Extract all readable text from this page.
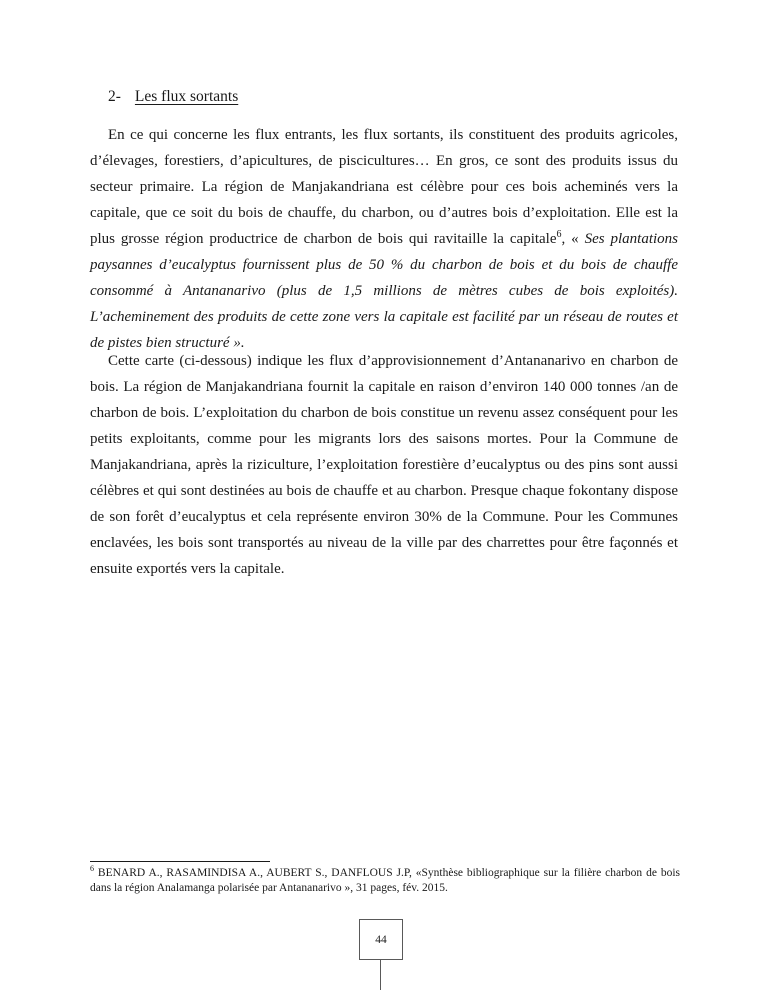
2- Les flux sortants

En ce qui concerne les flux entrants, les flux sortants, ils constituent des produits agricoles, d’élevages, forestiers, d’apicultures, de piscicultures… En gros, ce sont des produits issus du secteur primaire. La région de Manjakandriana est célèbre pour ces bois acheminés vers la capitale, que ce soit du bois de chauffe, du charbon, ou d’autres bois d’exploitation. Elle est la plus grosse région productrice de charbon de bois qui ravitaille la capitale$^6$, « Ses plantations paysannes d’eucalyptus fournissent plus de 50 % du charbon de bois et du bois de chauffe consommé à Antananarivo (plus de 1,5 millions de mètres cubes de bois exploités). L’acheminement des produits de cette zone vers la capitale est facilité par un réseau de routes et de pistes bien structuré ».

Cette carte (ci-dessous) indique les flux d’approvisionnement d’Antananarivo en charbon de bois. La région de Manjakandriana fournit la capitale en raison d’environ 140 000 tonnes /an de charbon de bois. L’exploitation du charbon de bois constitue un revenu assez conséquent pour les petits exploitants, comme pour les migrants lors des saisons mortes. Pour la Commune de Manjakandriana, après la riziculture, l’exploitation forestière d’eucalyptus ou des pins sont aussi célèbres et qui sont destinées au bois de chauffe et au charbon. Presque chaque fokontany dispose de son forêt d’eucalyptus et cela représente environ 30% de la Commune. Pour les Communes enclavées, les bois sont transportés au niveau de la ville par des charrettes pour être façonnés et ensuite exportés vers la capitale.

$^6$ BENARD A., RASAMINDISA A., AUBERT S., DANFLOUS J.P, «Synthèse bibliographique sur la filière charbon de bois dans la région Analamanga polarisée par Antananarivo », 31 pages, fév. 2015.

44
